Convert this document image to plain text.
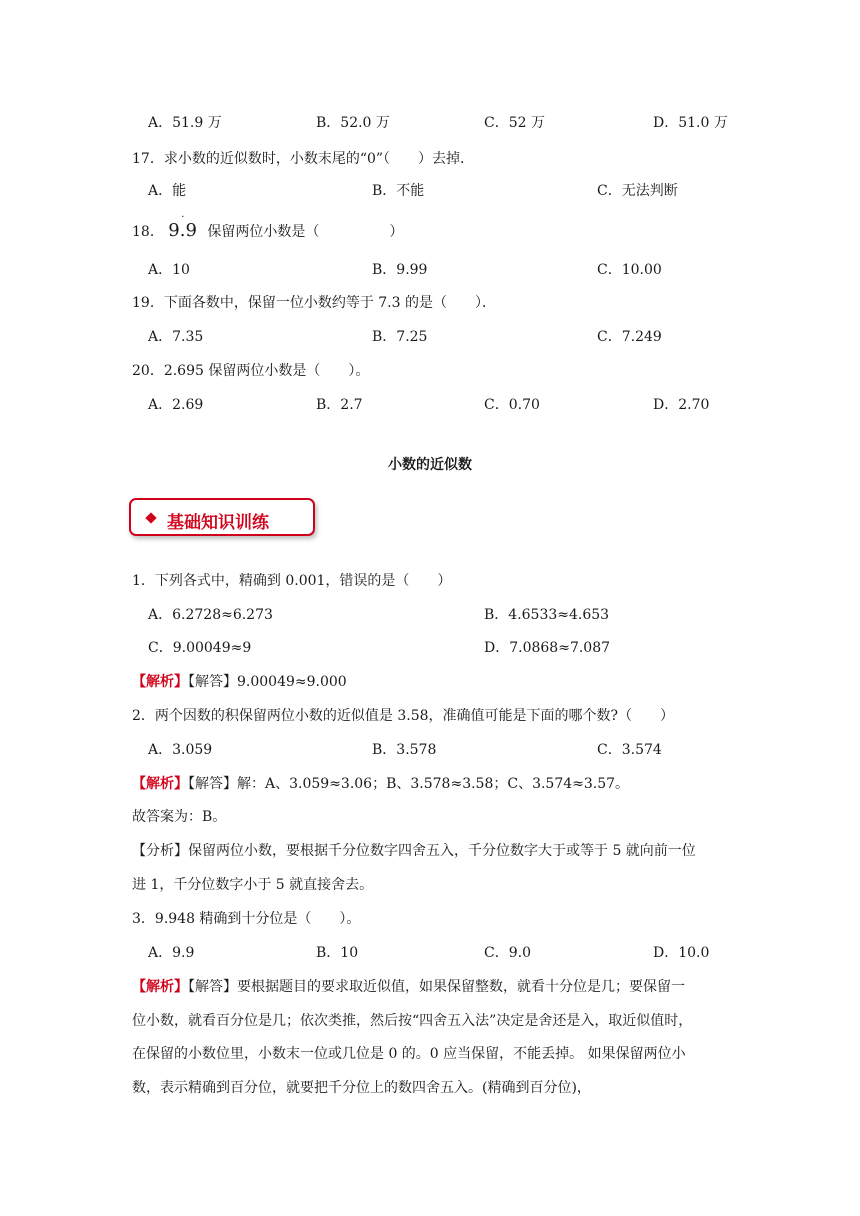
A．51.9 万	B．52.0 万	C．52 万	D．51.0 万
17．求小数的近似数时，小数末尾的“0”（　　）去掉．
A．能	B．不能	C．无法判断
18． 9.9
·
保留两位小数是（　　　　　）
A．10	B．9.99	C．10.00
19．下面各数中，保留一位小数约等于 7.3 的是（　　）．
A．7.35	B．7.25	C．7.249
20．2.695 保留两位小数是（　　）。
A．2.69	B．2.7	C．0.70	D．2.70
小数的近似数
基础知识训练
1．下列各式中，精确到 0.001，错误的是（　　）
A．6.2728≈6.273	B．4.6533≈4.653
C．9.00049≈9	D．7.0868≈7.087
【解析】【解答】9.00049≈9.000
2．两个因数的积保留两位小数的近似值是 3.58，准确值可能是下面的哪个数?（　　）
A．3.059	B．3.578	C．3.574
【解析】【解答】解：A、3.059≈3.06；B、3.578≈3.58；C、3.574≈3.57。
故答案为：B。
【分析】保留两位小数，要根据千分位数字四舍五入，千分位数字大于或等于 5 就向前一位
进 1，千分位数字小于 5 就直接舍去。
3．9.948 精确到十分位是（　　）。
A．9.9	B．10	C．9.0	D．10.0
【解析】【解答】要根据题目的要求取近似值，如果保留整数，就看十分位是几；要保留一
位小数，就看百分位是几；依次类推，然后按“四舍五入法”决定是舍还是入，取近似值时，
在保留的小数位里，小数末一位或几位是 0 的。0 应当保留，不能丢掉。 如果保留两位小
数，表示精确到百分位，就要把千分位上的数四舍五入。(精确到百分位)，
